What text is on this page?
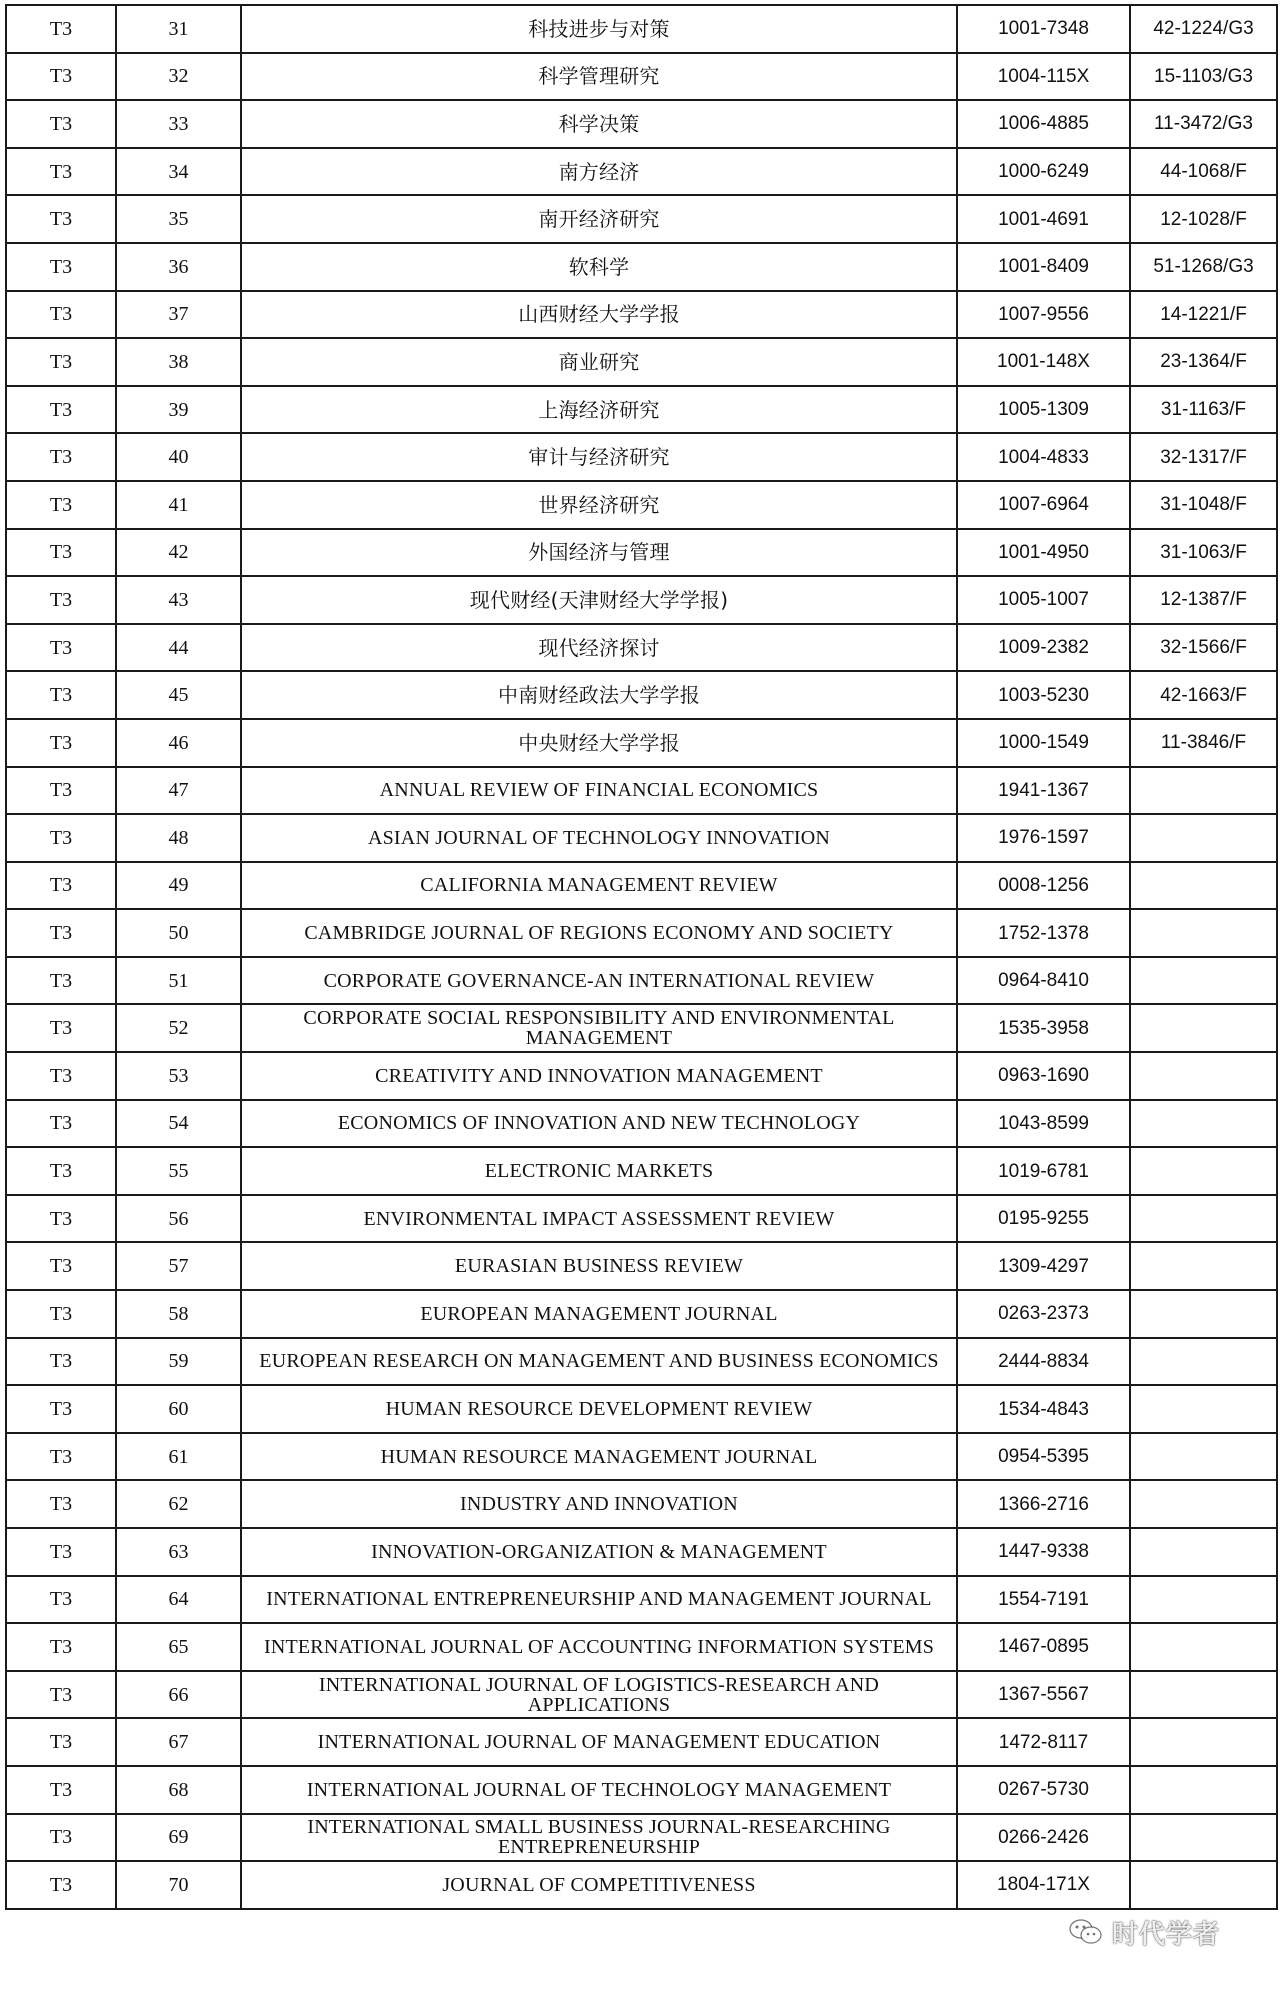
T3	31	科技进步与对策	1001-7348	42-1224/G3
T3	32	科学管理研究	1004-115X	15-1103/G3
T3	33	科学决策	1006-4885	11-3472/G3
T3	34	南方经济	1000-6249	44-1068/F
T3	35	南开经济研究	1001-4691	12-1028/F
T3	36	软科学	1001-8409	51-1268/G3
T3	37	山西财经大学学报	1007-9556	14-1221/F
T3	38	商业研究	1001-148X	23-1364/F
T3	39	上海经济研究	1005-1309	31-1163/F
T3	40	审计与经济研究	1004-4833	32-1317/F
T3	41	世界经济研究	1007-6964	31-1048/F
T3	42	外国经济与管理	1001-4950	31-1063/F
T3	43	现代财经(天津财经大学学报)	1005-1007	12-1387/F
T3	44	现代经济探讨	1009-2382	32-1566/F
T3	45	中南财经政法大学学报	1003-5230	42-1663/F
T3	46	中央财经大学学报	1000-1549	11-3846/F
T3	47	ANNUAL REVIEW OF FINANCIAL ECONOMICS	1941-1367	
T3	48	ASIAN JOURNAL OF TECHNOLOGY INNOVATION	1976-1597	
T3	49	CALIFORNIA MANAGEMENT REVIEW	0008-1256	
T3	50	CAMBRIDGE JOURNAL OF REGIONS ECONOMY AND SOCIETY	1752-1378	
T3	51	CORPORATE GOVERNANCE-AN INTERNATIONAL REVIEW	0964-8410	
T3	52	CORPORATE SOCIAL RESPONSIBILITY AND ENVIRONMENTAL MANAGEMENT	1535-3958	
T3	53	CREATIVITY AND INNOVATION MANAGEMENT	0963-1690	
T3	54	ECONOMICS OF INNOVATION AND NEW TECHNOLOGY	1043-8599	
T3	55	ELECTRONIC MARKETS	1019-6781	
T3	56	ENVIRONMENTAL IMPACT ASSESSMENT REVIEW	0195-9255	
T3	57	EURASIAN BUSINESS REVIEW	1309-4297	
T3	58	EUROPEAN MANAGEMENT JOURNAL	0263-2373	
T3	59	EUROPEAN RESEARCH ON MANAGEMENT AND BUSINESS ECONOMICS	2444-8834	
T3	60	HUMAN RESOURCE DEVELOPMENT REVIEW	1534-4843	
T3	61	HUMAN RESOURCE MANAGEMENT JOURNAL	0954-5395	
T3	62	INDUSTRY AND INNOVATION	1366-2716	
T3	63	INNOVATION-ORGANIZATION & MANAGEMENT	1447-9338	
T3	64	INTERNATIONAL ENTREPRENEURSHIP AND MANAGEMENT JOURNAL	1554-7191	
T3	65	INTERNATIONAL JOURNAL OF ACCOUNTING INFORMATION SYSTEMS	1467-0895	
T3	66	INTERNATIONAL JOURNAL OF LOGISTICS-RESEARCH AND APPLICATIONS	1367-5567	
T3	67	INTERNATIONAL JOURNAL OF MANAGEMENT EDUCATION	1472-8117	
T3	68	INTERNATIONAL JOURNAL OF TECHNOLOGY MANAGEMENT	0267-5730	
T3	69	INTERNATIONAL SMALL BUSINESS JOURNAL-RESEARCHING ENTREPRENEURSHIP	0266-2426	
T3	70	JOURNAL OF COMPETITIVENESS	1804-171X	
时代学者
